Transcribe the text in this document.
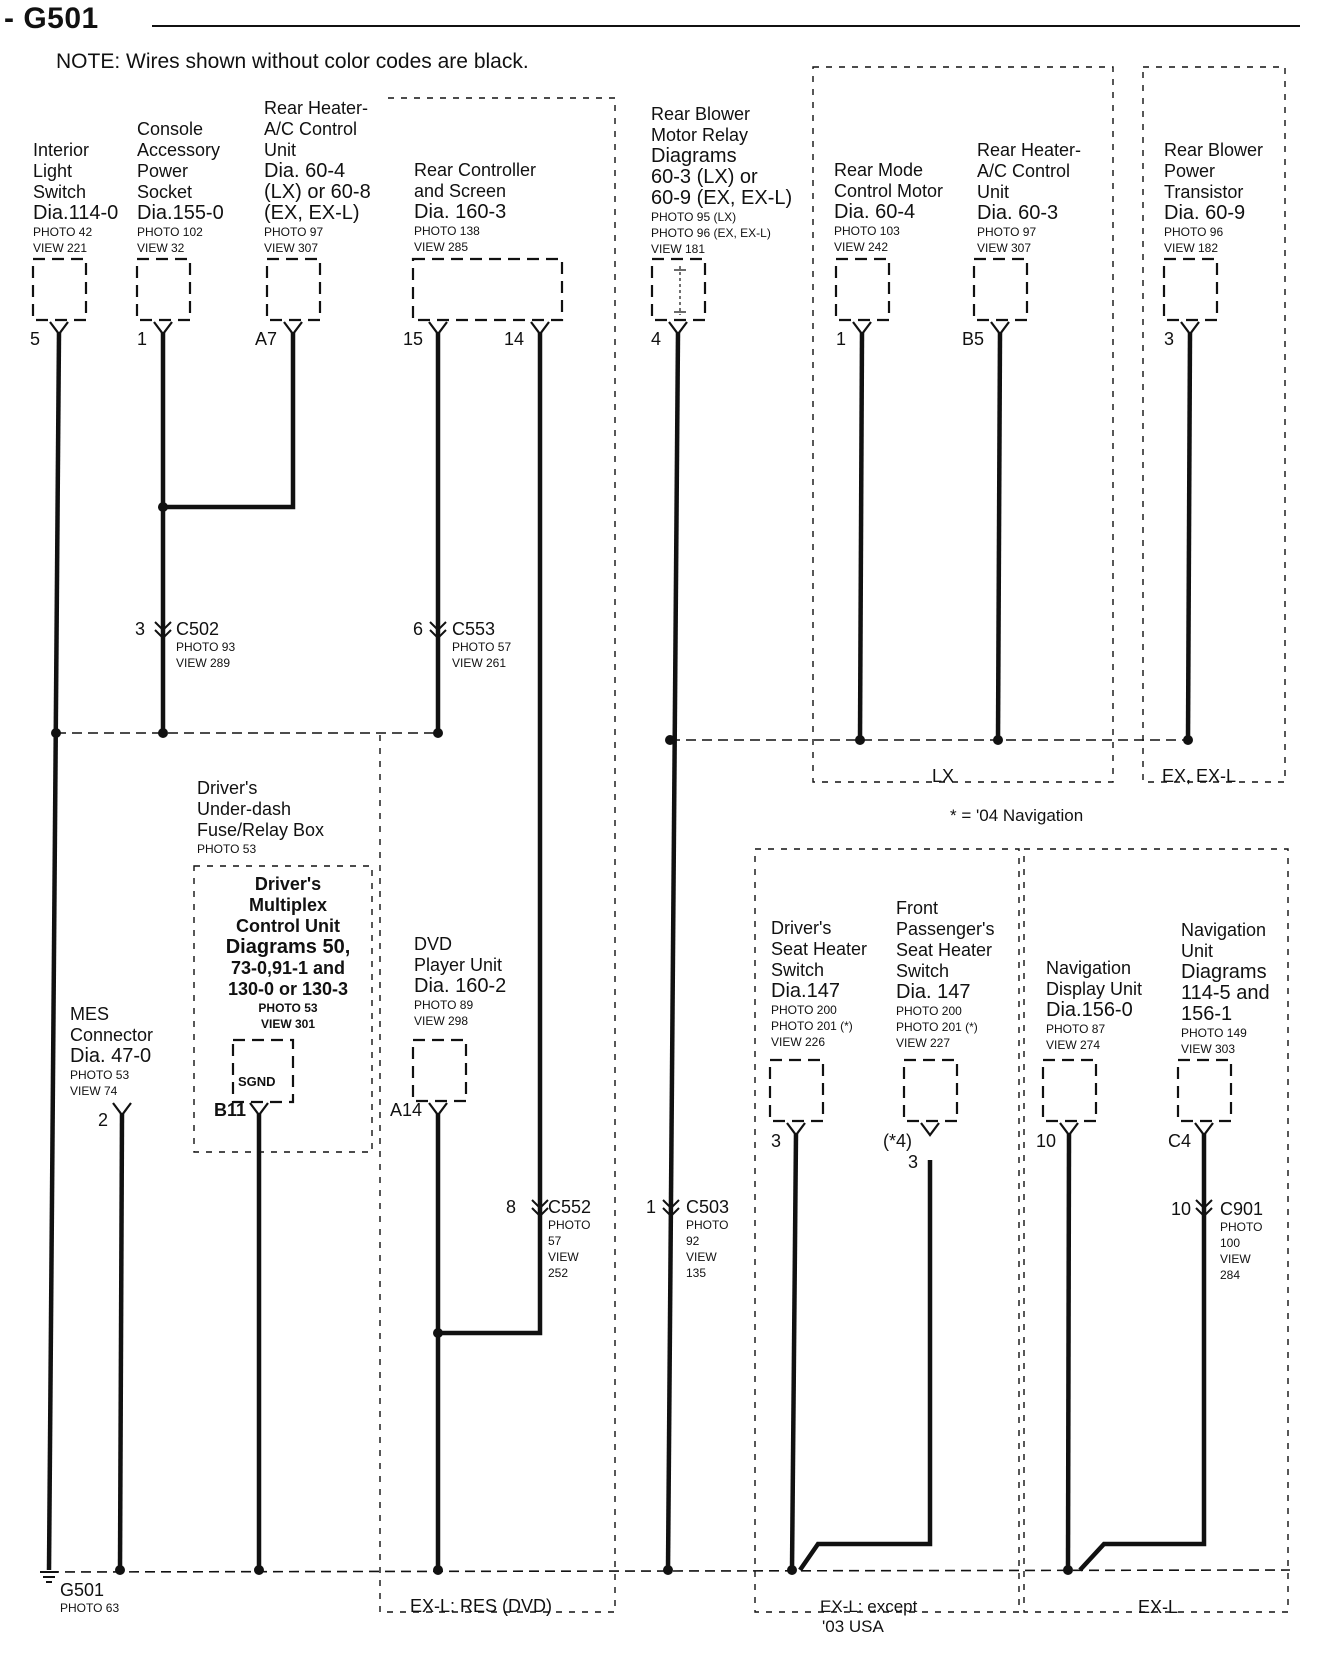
- G501
NOTE: Wires shown without color codes are black.
Interior
Light
Switch
Dia.114-0
PHOTO 42
VIEW 221
5
Console
Accessory
Power
Socket
Dia.155-0
PHOTO 102
VIEW 32
1
Rear Heater-
A/C Control
Unit
Dia. 60-4
(LX) or 60-8
(EX, EX-L)
PHOTO 97
VIEW 307
A7
Rear Controller
and Screen
Dia. 160-3
PHOTO 138
VIEW 285
15	14
Rear Blower
Motor Relay
Diagrams
60-3 (LX) or
60-9 (EX, EX-L)
PHOTO 95 (LX)
PHOTO 96 (EX, EX-L)
VIEW 181
4
Rear Mode
Control Motor
Dia. 60-4
PHOTO 103
VIEW 242
1
Rear Heater-
A/C Control
Unit
Dia. 60-3
PHOTO 97
VIEW 307
B5
Rear Blower
Power
Transistor
Dia. 60-9
PHOTO 96
VIEW 182
3
3 C502
PHOTO 93
VIEW 289
6 C553
PHOTO 57
VIEW 261
LX	EX, EX-L
* = '04 Navigation
Driver's
Under-dash
Fuse/Relay Box
PHOTO 53
Driver's
Multiplex
Control Unit
Diagrams 50,
73-0,91-1 and
130-0 or 130-3
PHOTO 53
VIEW 301
SGND
B11
MES
Connector
Dia. 47-0
PHOTO 53
VIEW 74
2
DVD
Player Unit
Dia. 160-2
PHOTO 89
VIEW 298
A14
8 C552
PHOTO
57
VIEW
252
1 C503
PHOTO
92
VIEW
135
Driver's
Seat Heater
Switch
Dia.147
PHOTO 200
PHOTO 201 (*)
VIEW 226
3
Front
Passenger's
Seat Heater
Switch
Dia. 147
PHOTO 200
PHOTO 201 (*)
VIEW 227
(*4)
3
Navigation
Display Unit
Dia.156-0
PHOTO 87
VIEW 274
10
Navigation
Unit
Diagrams
114-5 and
156-1
PHOTO 149
VIEW 303
C4
10 C901
PHOTO
100
VIEW
284
EX-L: RES (DVD)	EX-L: except
'03 USA
EX-L
G501
PHOTO 63
